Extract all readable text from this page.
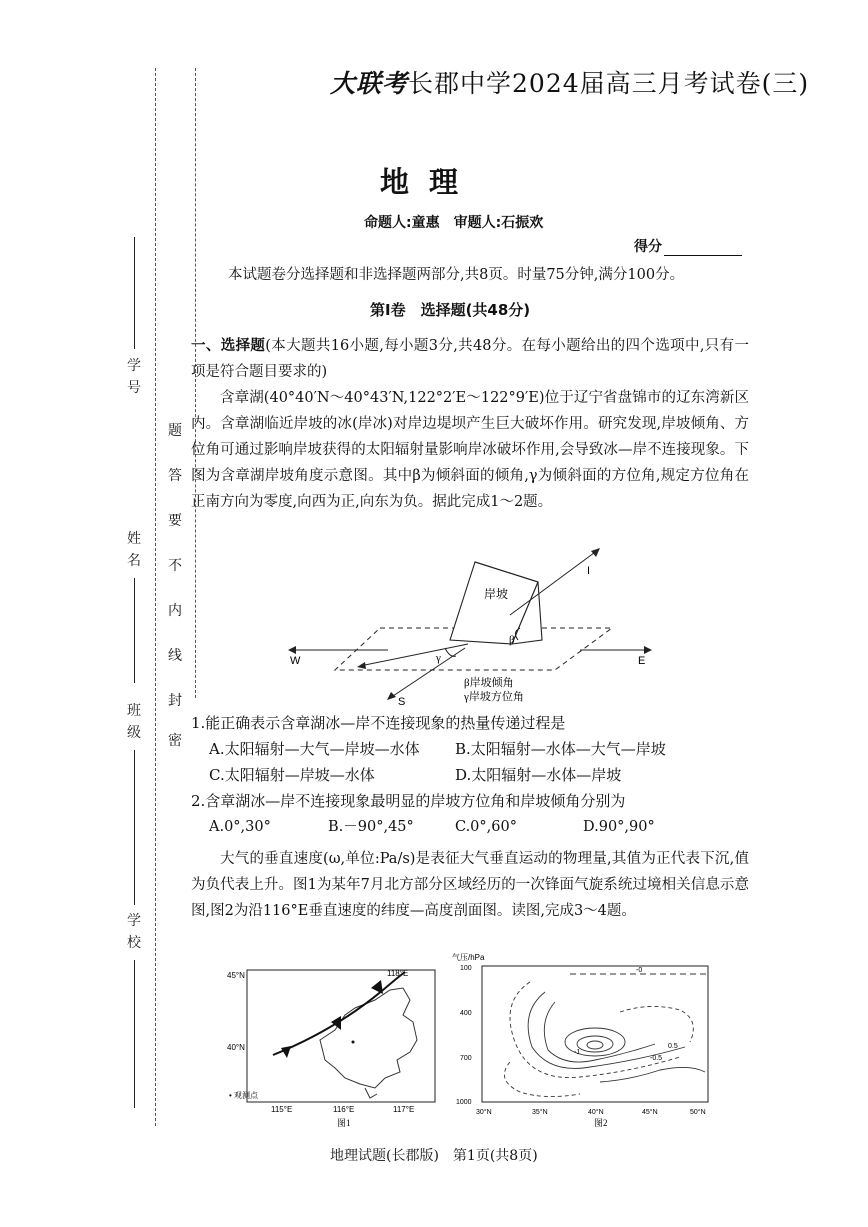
学　号
姓　名
班　级
学　校
密
封
线
内
不
要
答
题
大联考长郡中学2024届高三月考试卷(三)
地理
命题人:童惠　审题人:石振欢
得分
本试题卷分选择题和非选择题两部分,共8页。时量75分钟,满分100分。
第Ⅰ卷　选择题(共48分)
一、选择题(本大题共16小题,每小题3分,共48分。在每小题给出的四个选项中,只有一项是符合题目要求的)
含章湖(40°40′N～40°43′N,122°2′E～122°9′E)位于辽宁省盘锦市的辽东湾新区内。含章湖临近岸坡的冰(岸冰)对岸边堤坝产生巨大破坏作用。研究发现,岸坡倾角、方位角可通过影响岸坡获得的太阳辐射量影响岸冰破坏作用,会导致冰—岸不连接现象。下图为含章湖岸坡角度示意图。其中β为倾斜面的倾角,γ为倾斜面的方位角,规定方位角在正南方向为零度,向西为正,向东为负。据此完成1～2题。
岸坡
W	E
S
I
β
γ
β岸坡倾角
γ岸坡方位角
1.能正确表示含章湖冰—岸不连接现象的热量传递过程是
A.太阳辐射—大气—岸坡—水体 B.太阳辐射—水体—大气—岸坡
C.太阳辐射—岸坡—水体	D.太阳辐射—水体—岸坡
2.含章湖冰—岸不连接现象最明显的岸坡方位角和岸坡倾角分别为
A.0°,30°	B.－90°,45°	C.0°,60°	D.90°,90°
大气的垂直速度(ω,单位:Pa/s)是表征大气垂直运动的物理量,其值为正代表下沉,值为负代表上升。图1为某年7月北方部分区域经历的一次锋面气旋系统过境相关信息示意图,图2为沿116°E垂直速度的纬度—高度剖面图。读图,完成3～4题。
45°N
40°N
118°E
• 观测点
115°E	116°E	117°E
图1
气压/hPa
100
400
700
1000
30°N	35°N	40°N	45°N	50°N
-0
0.5
-1
-0.5
图2
地理试题(长郡版)　第1页(共8页)
